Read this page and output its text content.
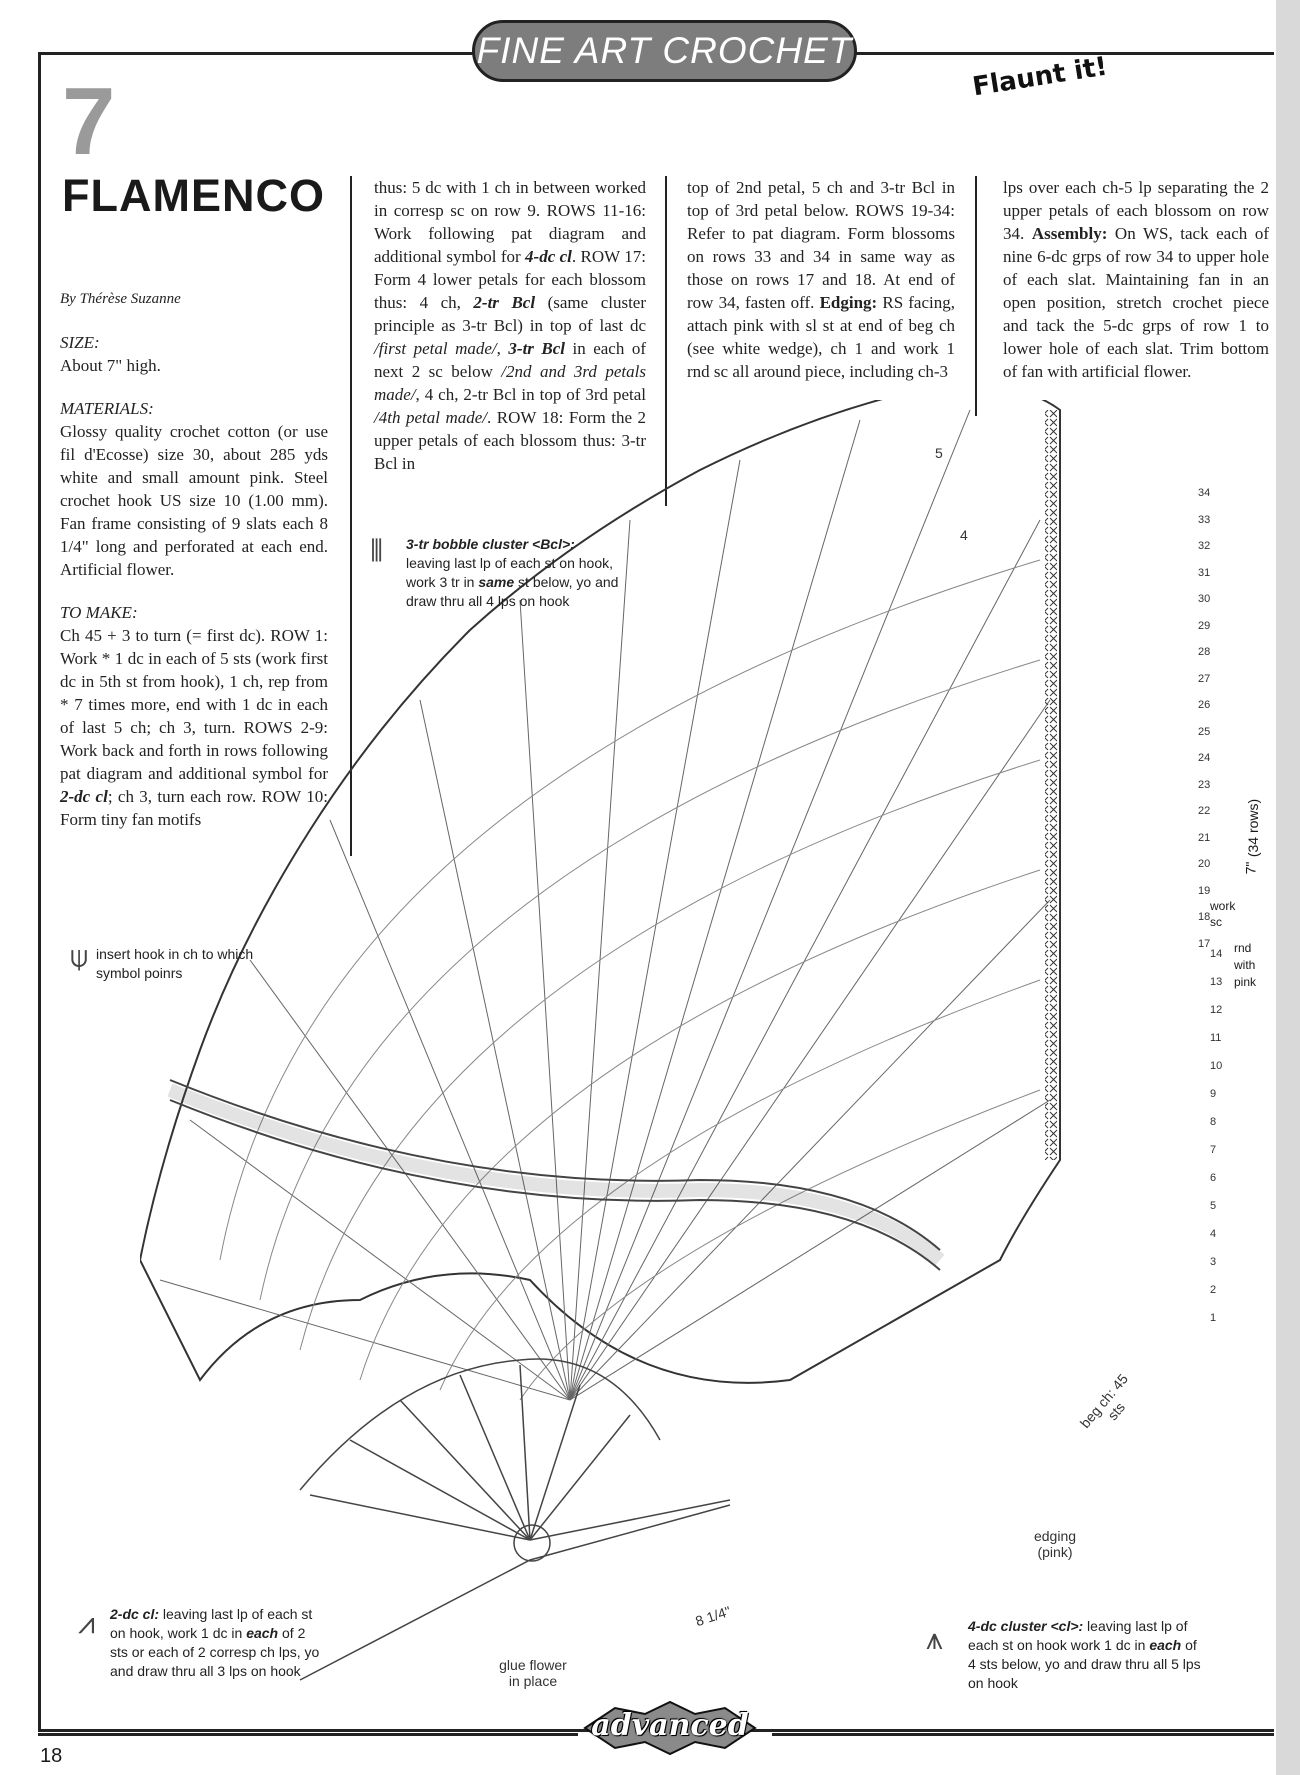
FINE ART CROCHET
Flaunt it!
7
FLAMENCO

By Thérèse Suzanne

SIZE:

About 7" high.

MATERIALS:

Glossy quality crochet cotton (or use fil d'Ecosse) size 30, about 285 yds white and small amount pink. Steel crochet hook US size 10 (1.00 mm). Fan frame consisting of 9 slats each 8 1/4" long and perforated at each end. Artificial flower.

TO MAKE:

Ch 45 + 3 to turn (= first dc). ROW 1: Work * 1 dc in each of 5 sts (work first dc in 5th st from hook), 1 ch, rep from * 7 times more, end with 1 dc in each of last 5 ch; ch 3, turn. ROWS 2-9: Work back and forth in rows following pat diagram and additional symbol for 2-dc cl; ch 3, turn each row. ROW 10: Form tiny fan motifs

thus: 5 dc with 1 ch in between worked in corresp sc on row 9. ROWS 11-16: Work following pat diagram and additional symbol for 4-dc cl. ROW 17: Form 4 lower petals for each blossom thus: 4 ch, 2-tr Bcl (same cluster principle as 3-tr Bcl) in top of last dc /first petal made/, 3-tr Bcl in each of next 2 sc below /2nd and 3rd petals made/, 4 ch, 2-tr Bcl in top of 3rd petal /4th petal made/. ROW 18: Form the 2 upper petals of each blossom thus: 3-tr Bcl in

top of 2nd petal, 5 ch and 3-tr Bcl in top of 3rd petal below. ROWS 19-34: Refer to pat diagram. Form blossoms on rows 33 and 34 in same way as those on rows 17 and 18. At end of row 34, fasten off. Edging: RS facing, attach pink with sl st at end of beg ch (see white wedge), ch 1 and work 1 rnd sc all around piece, including ch-3

lps over each ch-5 lp separating the 2 upper petals of each blossom on row 34. Assembly: On WS, tack each of nine 6-dc grps of row 34 to upper hole of each slat. Maintaining fan in an open position, stretch crochet piece and tack the 5-dc grps of row 1 to lower hole of each slat. Trim bottom of fan with artificial flower.

5
4
34
33
32
31
30
29
28
27
26
25
24
23
22
21
20
19
18
17
work sc
14
13
12
11
10
9
8
7
6
5
4
3
2
1
rnd with pink
7"
(34 rows)
⦀ 3-tr bobble cluster <Bcl>:
leaving last lp of each st on hook, work 3 tr in same st below, yo and draw thru all 4 lps on hook
⍦ insert hook in ch to which symbol poinrs
⩘ 2-dc cl: leaving last lp of each st on hook, work 1 dc in each of 2 sts or each of 2 corresp ch lps, yo and draw thru all 3 lps on hook
⩚ 4-dc cluster <cl>: leaving last lp of each st on hook work 1 dc in each of 4 sts below, yo and draw thru all 5 lps on hook
beg ch: 45 sts
edging (pink)
8 1/4"
glue flower in place
advanced
18
